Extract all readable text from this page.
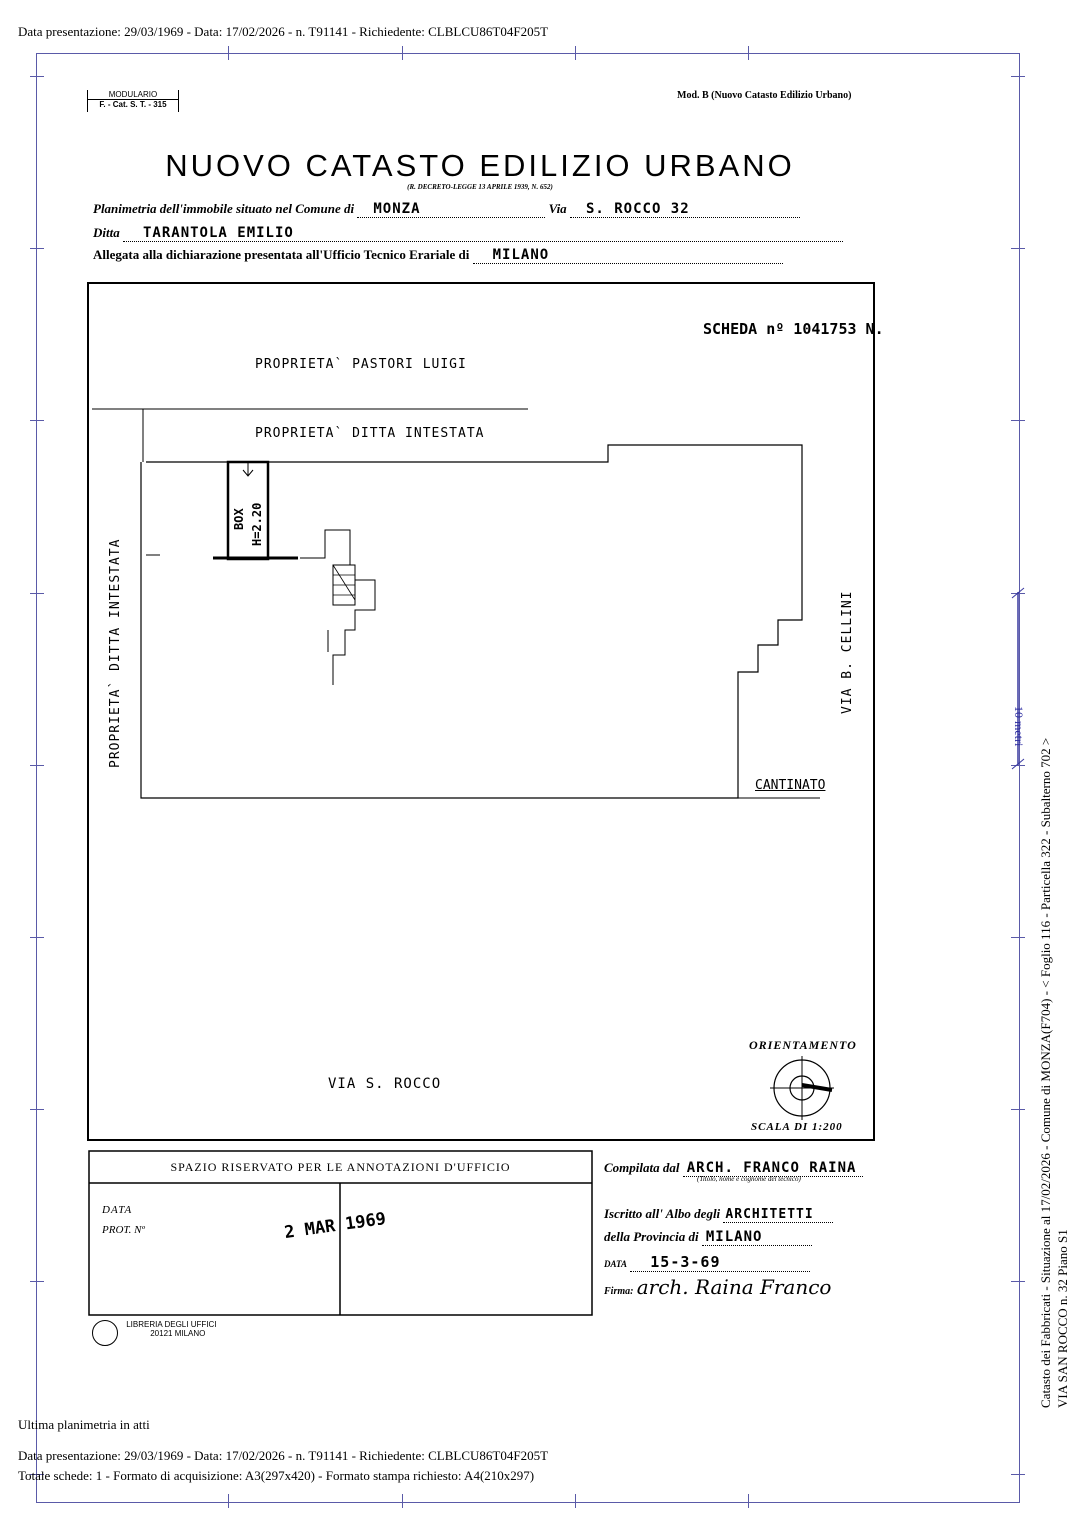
Data presentazione: 29/03/1969 - Data: 17/02/2026 - n. T91141 - Richiedente: CLBLCU86T04F205T
MODULARIO
F. - Cat. S. T. - 315
Mod. B (Nuovo Catasto Edilizio Urbano)
NUOVO CATASTO EDILIZIO URBANO
(R. DECRETO-LEGGE 13 APRILE 1939, N. 652)
Planimetria dell'immobile situato nel Comune di MONZA	Via S. ROCCO 32
Ditta TARANTOLA EMILIO
Allegata alla dichiarazione presentata all'Ufficio Tecnico Erariale di MILANO
SCHEDA nº 1041753 N.
PROPRIETA` PASTORI LUIGI
PROPRIETA` DITTA INTESTATA
PROPRIETA` DITTA INTESTATA
BOX H=2.20
VIA B. CELLINI
CANTINATO
VIA S. ROCCO
ORIENTAMENTO
SCALA DI 1:200
SPAZIO RISERVATO PER LE ANNOTAZIONI D'UFFICIO
DATA
PROT. Nº	2 MAR 1969
Compilata dal ARCH. FRANCO RAINA
(Titolo, nome e cognome del tecnico)
Iscritto all' Albo degli ARCHITETTI
della Provincia di MILANO
DATA 15-3-69
Firma: arch. Raina Franco
LIBRERIA DEGLI UFFICI
20121 MILANO
10 metri
Catasto dei Fabbricati - Situazione al 17/02/2026 - Comune di MONZA(F704) - < Foglio 116 - Particella 322 - Subalterno 702 > VIA SAN ROCCO n. 32 Piano S1
Ultima planimetria in atti
Data presentazione: 29/03/1969 - Data: 17/02/2026 - n. T91141 - Richiedente: CLBLCU86T04F205T
Totale schede: 1 - Formato di acquisizione: A3(297x420) - Formato stampa richiesto: A4(210x297)
